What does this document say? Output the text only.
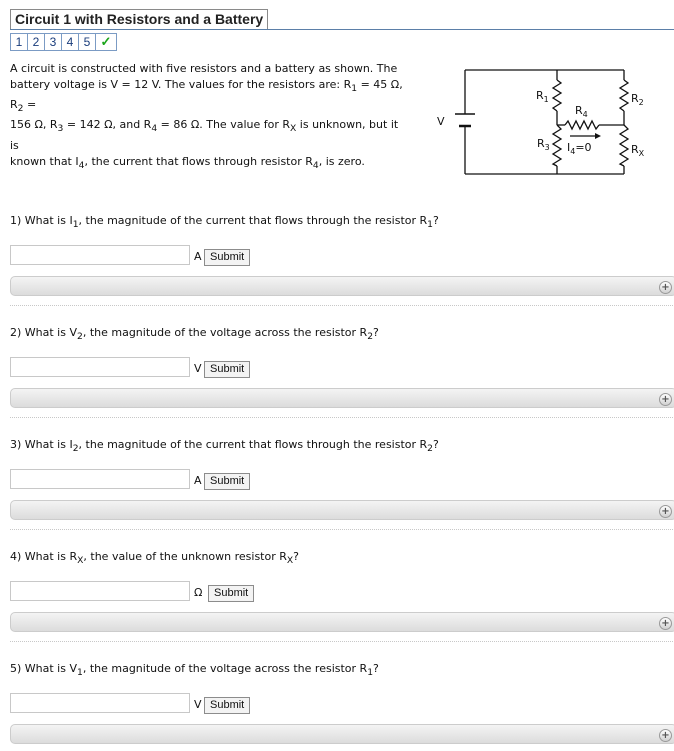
Circuit 1 with Resistors and a Battery
1 2 3 4 5 ✓
A circuit is constructed with five resistors and a battery as shown. The
battery voltage is V = 12 V. The values for the resistors are: $R_1 = 45$ Ω, $R_2$ =
156 Ω, $R_3 = 142$ Ω, and $R_4 = 86$ Ω. The value for $R_X$ is unknown, but it is
known that $I_4$, the current that flows through resistor $R_4$, is zero.
V
$R_1$	$R_2$
$R_4$
$R_3$ $I_4=0$	$R_X$
1) What is $I_1$, the magnitude of the current that flows through the resistor $R_1$?
A Submit
+
2) What is $V_2$, the magnitude of the voltage across the resistor $R_2$?
V Submit
+
3) What is $I_2$, the magnitude of the current that flows through the resistor $R_2$?
A Submit
+
4) What is $R_X$, the value of the unknown resistor $R_X$?
Ω	Submit
+
5) What is $V_1$, the magnitude of the voltage across the resistor $R_1$?
V Submit
+
